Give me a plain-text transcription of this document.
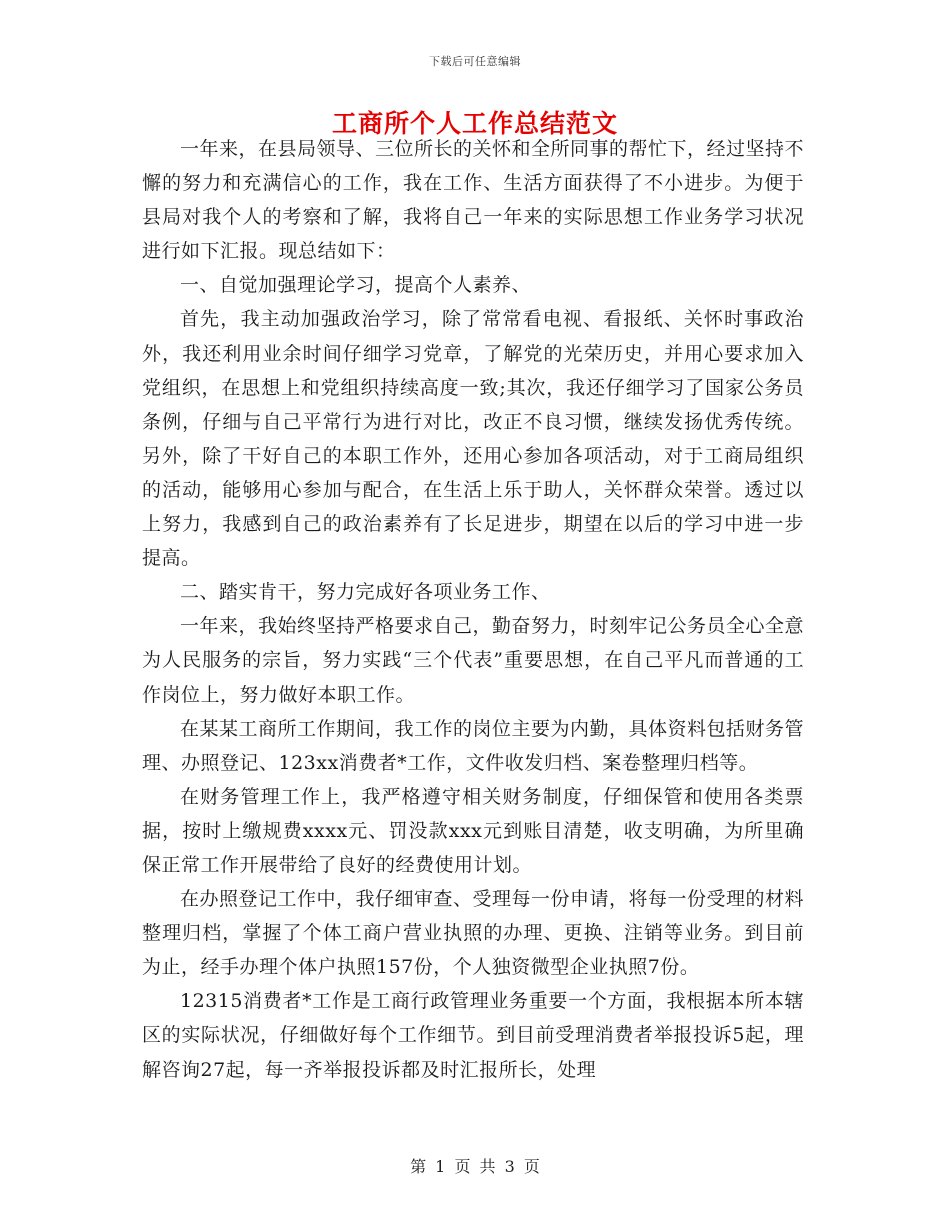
下载后可任意编辑
工商所个人工作总结范文

一年来，在县局领导、三位所长的关怀和全所同事的帮忙下，经过坚持不懈的努力和充满信心的工作，我在工作、生活方面获得了不小进步。为便于县局对我个人的考察和了解，我将自己一年来的实际思想工作业务学习状况进行如下汇报。现总结如下：

一、自觉加强理论学习，提高个人素养、

首先，我主动加强政治学习，除了常常看电视、看报纸、关怀时事政治外，我还利用业余时间仔细学习党章，了解党的光荣历史，并用心要求加入党组织，在思想上和党组织持续高度一致;其次，我还仔细学习了国家公务员条例，仔细与自己平常行为进行对比，改正不良习惯，继续发扬优秀传统。另外，除了干好自己的本职工作外，还用心参加各项活动，对于工商局组织的活动，能够用心参加与配合，在生活上乐于助人，关怀群众荣誉。透过以上努力，我感到自己的政治素养有了长足进步，期望在以后的学习中进一步提高。

二、踏实肯干，努力完成好各项业务工作、

一年来，我始终坚持严格要求自己，勤奋努力，时刻牢记公务员全心全意为人民服务的宗旨，努力实践“三个代表”重要思想，在自己平凡而普通的工作岗位上，努力做好本职工作。

在某某工商所工作期间，我工作的岗位主要为内勤，具体资料包括财务管理、办照登记、123xx消费者*工作，文件收发归档、案卷整理归档等。

在财务管理工作上，我严格遵守相关财务制度，仔细保管和使用各类票据，按时上缴规费xxxx元、罚没款xxx元到账目清楚，收支明确，为所里确保正常工作开展带给了良好的经费使用计划。

在办照登记工作中，我仔细审查、受理每一份申请，将每一份受理的材料整理归档，掌握了个体工商户营业执照的办理、更换、注销等业务。到目前为止，经手办理个体户执照157份，个人独资微型企业执照7份。

12315消费者*工作是工商行政管理业务重要一个方面，我根据本所本辖区的实际状况，仔细做好每个工作细节。到目前受理消费者举报投诉5起，理解咨询27起，每一齐举报投诉都及时汇报所长，处理

第 1 页 共 3 页
